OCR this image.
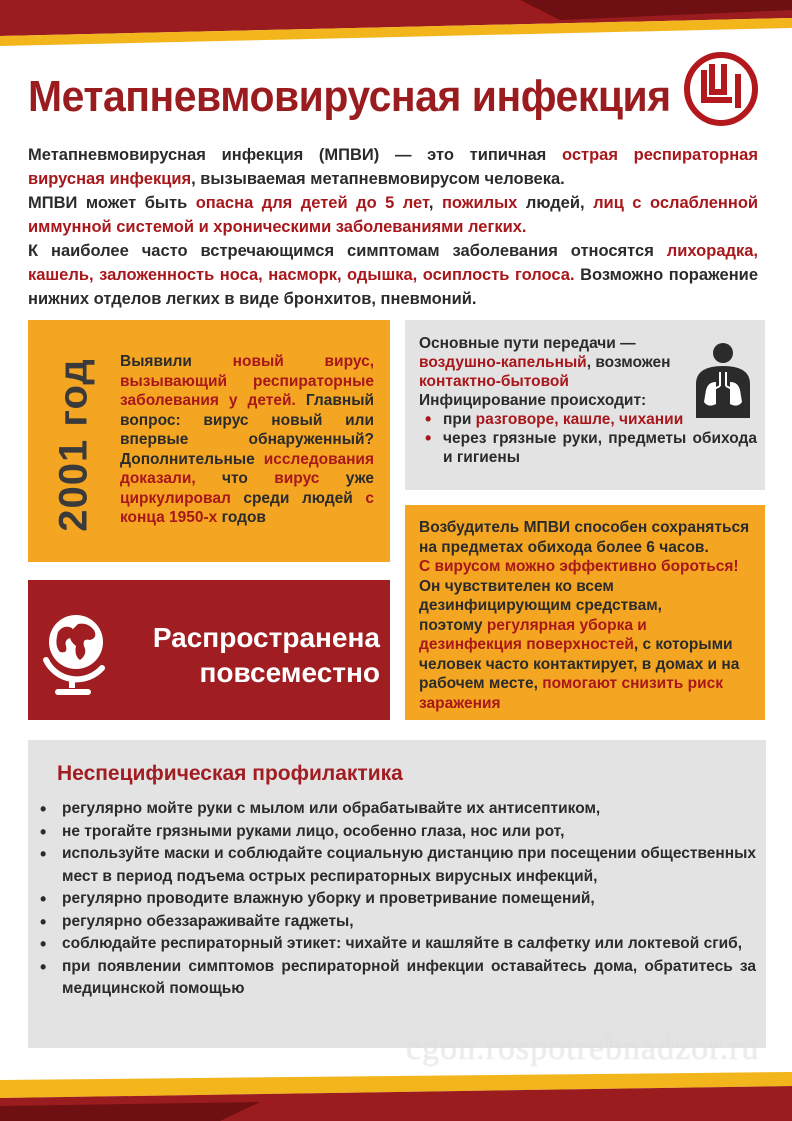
Метапневмовирусная инфекция

Метапневмовирусная инфекция (МПВИ) — это типичная острая респираторная вирусная инфекция, вызываемая метапневмовирусом человека.

МПВИ может быть опасна для детей до 5 лет, пожилых людей, лиц с ослабленной иммунной системой и хроническими заболеваниями легких.

К наиболее часто встречающимся симптомам заболевания относятся лихорадка, кашель, заложенность носа, насморк, одышка, осиплость голоса. Возможно поражение нижних отделов легких в виде бронхитов, пневмоний.

2001 год Выявили новый вирус, вызывающий респираторные заболевания у детей. Главный вопрос: вирус новый или впервые обнаруженный? Дополнительные исследования доказали, что вирус уже циркулировал среди людей с конца 1950-х годов
Распространена
повсеместно
Основные пути передачи —
воздушно-капельный, возможен
контактно-бытовой
Инфицирование происходит:
• при разговоре, кашле, чихании
• через грязные руки, предметы обихода и гигиены
Возбудитель МПВИ способен сохраняться
на предметах обихода более 6 часов.
С вирусом можно эффективно бороться!
Он чувствителен ко всем
дезинфицирующим средствам,
поэтому регулярная уборка и
дезинфекция поверхностей, с которыми
человек часто контактирует, в домах и на
рабочем месте, помогают снизить риск
заражения
Неспецифическая профилактика
• регулярно мойте руки с мылом или обрабатывайте их антисептиком,
• не трогайте грязными руками лицо, особенно глаза, нос или рот,
• используйте маски и соблюдайте социальную дистанцию при посещении общественных мест в период подъема острых респираторных вирусных инфекций,
• регулярно проводите влажную уборку и проветривание помещений,
• регулярно обеззараживайте гаджеты,
• соблюдайте респираторный этикет: чихайте и кашляйте в салфетку или локтевой сгиб,
• при появлении симптомов респираторной инфекции оставайтесь дома, обратитесь за медицинской помощью
cgon.rospotrebnadzor.ru
